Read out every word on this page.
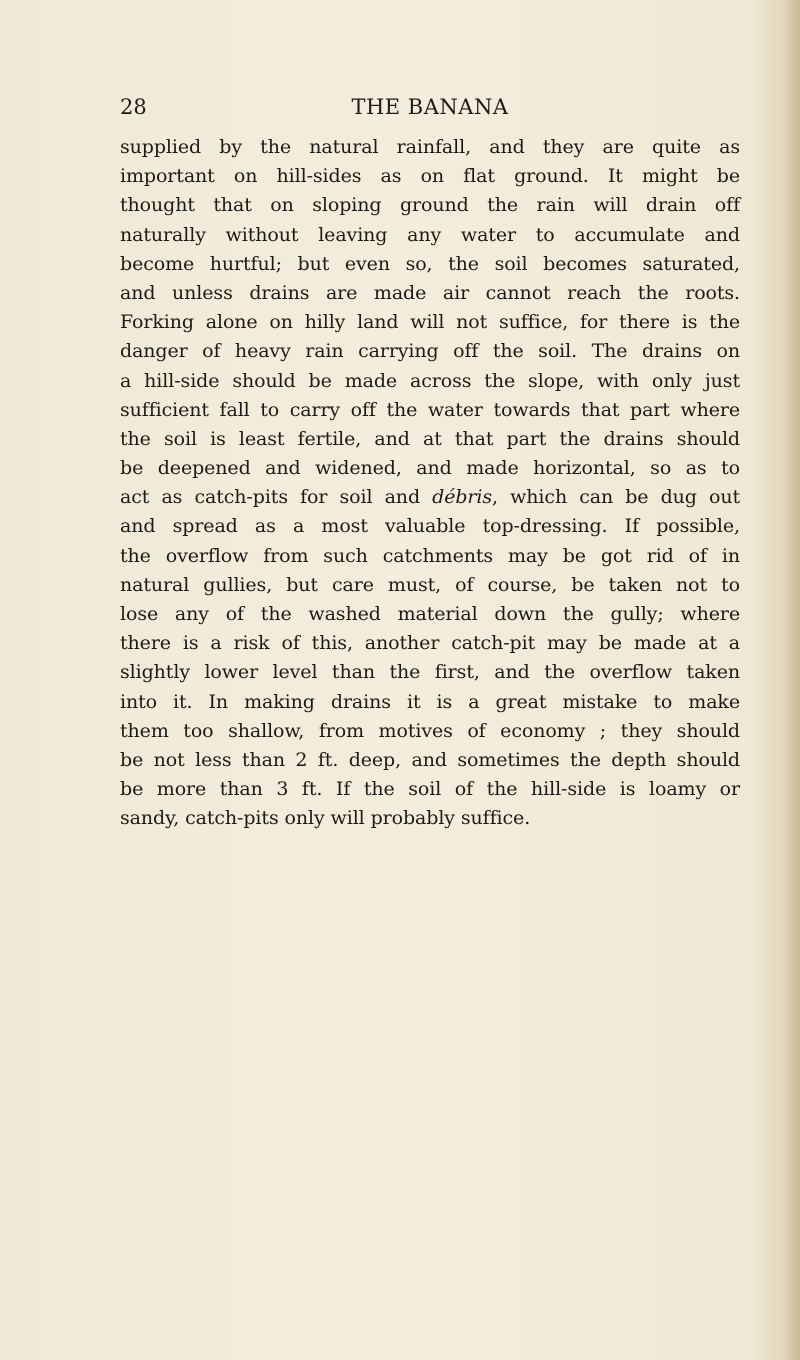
28	THE BANANA
supplied by the natural rainfall, and they are quite as
important on hill-sides as on flat ground. It might be
thought that on sloping ground the rain will drain off
naturally without leaving any water to accumulate and
become hurtful; but even so, the soil becomes saturated,
and unless drains are made air cannot reach the roots.
Forking alone on hilly land will not suffice, for there is the
danger of heavy rain carrying off the soil. The drains on
a hill-side should be made across the slope, with only just
sufficient fall to carry off the water towards that part where
the soil is least fertile, and at that part the drains should
be deepened and widened, and made horizontal, so as to
act as catch-pits for soil and débris, which can be dug out
and spread as a most valuable top-dressing. If possible,
the overflow from such catchments may be got rid of in
natural gullies, but care must, of course, be taken not to
lose any of the washed material down the gully; where
there is a risk of this, another catch-pit may be made at a
slightly lower level than the first, and the overflow taken
into it. In making drains it is a great mistake to make
them too shallow, from motives of economy ; they should
be not less than 2 ft. deep, and sometimes the depth should
be more than 3 ft. If the soil of the hill-side is loamy or
sandy, catch-pits only will probably suffice.
